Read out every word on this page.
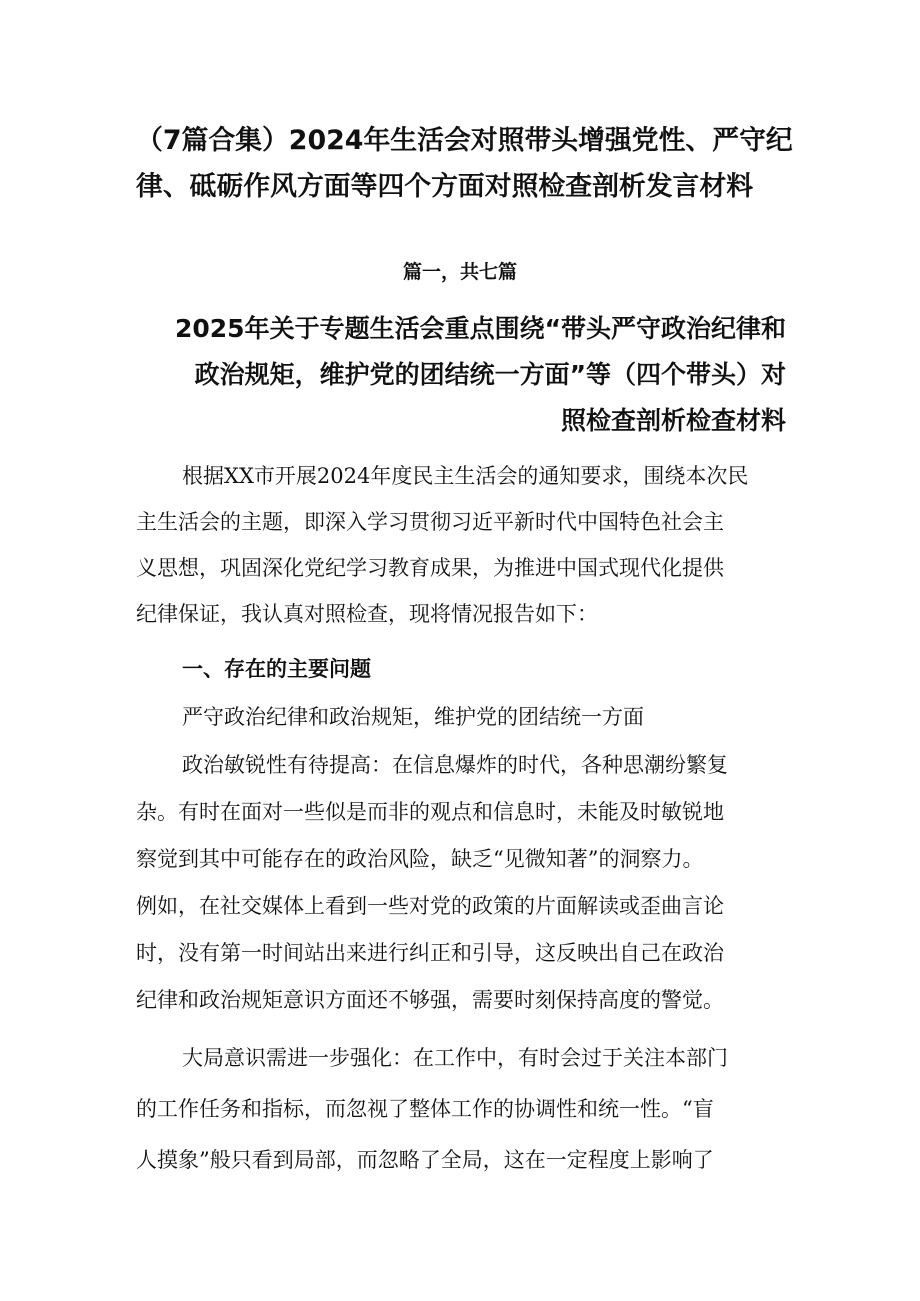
（7篇合集）2024年生活会对照带头增强党性、严守纪
律、砥砺作风方面等四个方面对照检查剖析发言材料
篇一，共七篇
2025年关于专题生活会重点围绕“带头严守政治纪律和
政治规矩，维护党的团结统一方面”等（四个带头）对
照检查剖析检查材料
根据XX市开展2024年度民主生活会的通知要求，围绕本次民
主生活会的主题，即深入学习贯彻习近平新时代中国特色社会主
义思想，巩固深化党纪学习教育成果，为推进中国式现代化提供
纪律保证，我认真对照检查，现将情况报告如下：
一、存在的主要问题
严守政治纪律和政治规矩，维护党的团结统一方面
政治敏锐性有待提高：在信息爆炸的时代，各种思潮纷繁复
杂。有时在面对一些似是而非的观点和信息时，未能及时敏锐地
察觉到其中可能存在的政治风险，缺乏“见微知著”的洞察力。
例如，在社交媒体上看到一些对党的政策的片面解读或歪曲言论
时，没有第一时间站出来进行纠正和引导，这反映出自己在政治
纪律和政治规矩意识方面还不够强，需要时刻保持高度的警觉。
大局意识需进一步强化：在工作中，有时会过于关注本部门
的工作任务和指标，而忽视了整体工作的协调性和统一性。“盲
人摸象”般只看到局部，而忽略了全局，这在一定程度上影响了
